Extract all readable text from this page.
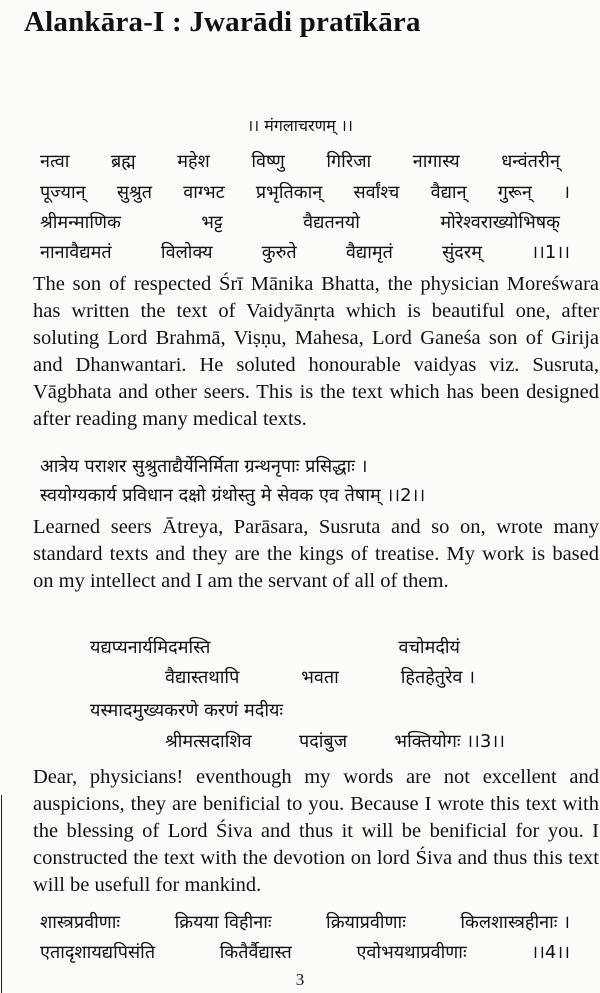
Alankāra-I : Jwarādi pratīkāra
।। मंगलाचरणम् ।।
नत्वा ब्रह्म महेश विष्णु गिरिजा नागास्य धन्वंतरीन्
पूज्यान् सुश्रुत वाग्भट प्रभृतिकान् सर्वांश्च वैद्यान् गुरून् ।
श्रीमन्माणिक	भट्ट	वैद्यतनयो	मोरेश्वराख्योभिषक्
नानावैद्यमतं	विलोक्य	कुरुते	वैद्यामृतं	सुंदरम्	।।1।।
The son of respected Śrī Mānika Bhatta, the physician Moreśwara has written the text of Vaidyānṛta which is beautiful one, after soluting Lord Brahmā, Viṣṇu, Mahesa, Lord Ganeśa son of Girija and Dhanwantari. He soluted honourable vaidyas viz. Susruta, Vāgbhata and other seers. This is the text which has been designed after reading many medical texts.
आत्रेय पराशर सुश्रुताद्यैर्येनिर्मिता ग्रन्थनृपाः प्रसिद्धाः ।
स्वयोग्यकार्य प्रविधान दक्षो ग्रंथोस्तु मे सेवक एव तेषाम् ।।2।।
Learned seers Ātreya, Parāsara, Susruta and so on, wrote many standard texts and they are the kings of treatise. My work is based on my intellect and I am the servant of all of them.
यद्यप्यनार्यमिदमस्ति	वचोमदीयं
वैद्यास्तथापि	भवता	हितहेतुरेव ।
यस्मादमुख्यकरणे करणं मदीयः
श्रीमत्सदाशिव	पदांबुज	भक्तियोगः ।।3।।
Dear, physicians! eventhough my words are not excellent and auspicions, they are benificial to you. Because I wrote this text with the blessing of Lord Śiva and thus it will be benificial for you. I constructed the text with the devotion on lord Śiva and thus this text will be usefull for mankind.
शास्त्रप्रवीणाः	क्रियया विहीनाः	क्रियाप्रवीणाः	किलशास्त्रहीनाः ।
एतादृशायद्यपिसंति	कितैर्वैद्यास्त	एवोभयथाप्रवीणाः	।।4।।
3
